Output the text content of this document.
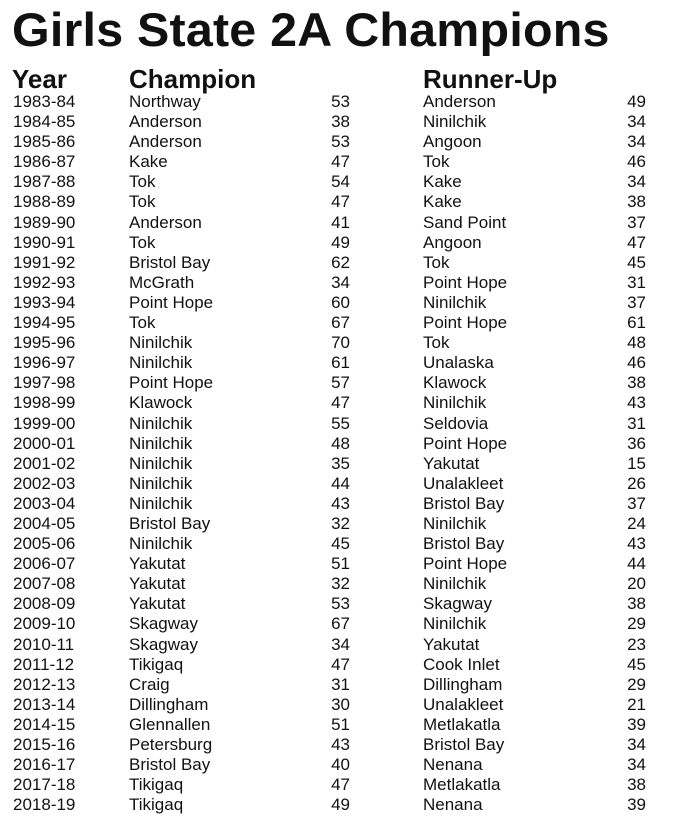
Girls State 2A Champions
Year Champion	Runner-Up
1983-84	Northway	53	Anderson	49
1984-85	Anderson	38	Ninilchik	34
1985-86	Anderson	53	Angoon	34
1986-87	Kake	47	Tok	46
1987-88	Tok	54	Kake	34
1988-89	Tok	47	Kake	38
1989-90	Anderson	41	Sand Point	37
1990-91	Tok	49	Angoon	47
1991-92	Bristol Bay	62	Tok	45
1992-93	McGrath	34	Point Hope	31
1993-94	Point Hope	60	Ninilchik	37
1994-95	Tok	67	Point Hope	61
1995-96	Ninilchik	70	Tok	48
1996-97	Ninilchik	61	Unalaska	46
1997-98	Point Hope	57	Klawock	38
1998-99	Klawock	47	Ninilchik	43
1999-00	Ninilchik	55	Seldovia	31
2000-01	Ninilchik	48	Point Hope	36
2001-02	Ninilchik	35	Yakutat	15
2002-03	Ninilchik	44	Unalakleet	26
2003-04	Ninilchik	43	Bristol Bay	37
2004-05	Bristol Bay	32	Ninilchik	24
2005-06	Ninilchik	45	Bristol Bay	43
2006-07	Yakutat	51	Point Hope	44
2007-08	Yakutat	32	Ninilchik	20
2008-09	Yakutat	53	Skagway	38
2009-10	Skagway	67	Ninilchik	29
2010-11	Skagway	34	Yakutat	23
2011-12	Tikigaq	47	Cook Inlet	45
2012-13	Craig	31	Dillingham	29
2013-14	Dillingham	30	Unalakleet	21
2014-15	Glennallen	51	Metlakatla	39
2015-16	Petersburg	43	Bristol Bay	34
2016-17	Bristol Bay	40	Nenana	34
2017-18	Tikigaq	47	Metlakatla	38
2018-19	Tikigaq	49	Nenana	39
